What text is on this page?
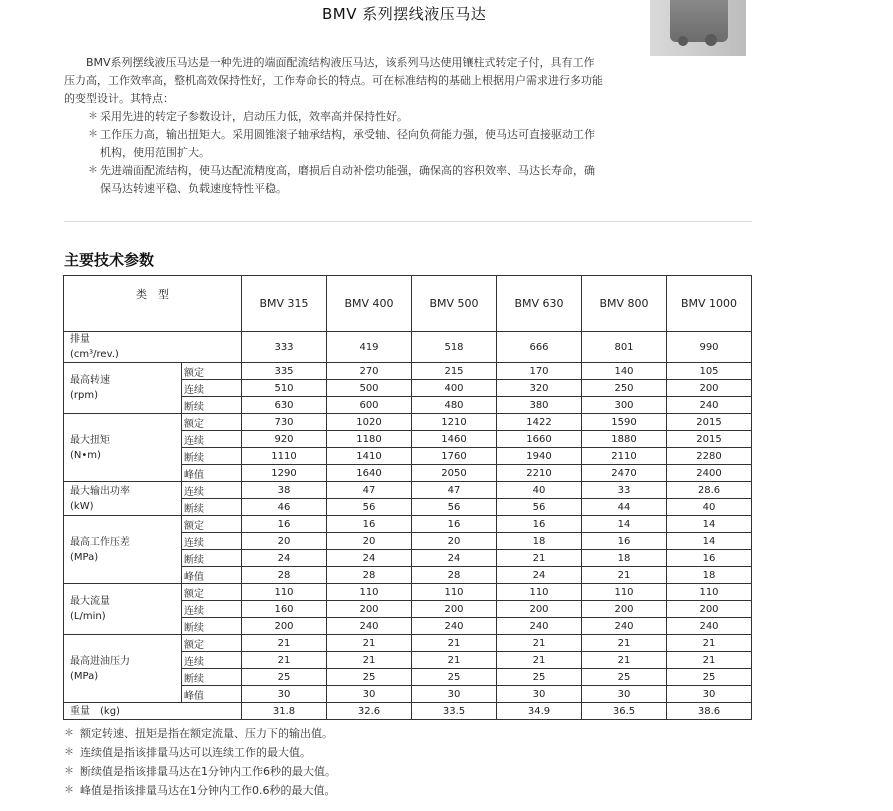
BMV 系列摆线液压马达

BMV系列摆线液压马达是一种先进的端面配流结构液压马达，该系列马达使用镶柱式转定子付，具有工作压力高，工作效率高，整机高效保持性好，工作寿命长的特点。可在标准结构的基础上根据用户需求进行多功能的变型设计。其特点：

＊ 采用先进的转定子参数设计，启动压力低，效率高并保持性好。
＊ 工作压力高，输出扭矩大。采用圆锥滚子轴承结构，承受轴、径向负荷能力强，使马达可直接驱动工作机构，使用范围扩大。
＊ 先进端面配流结构，使马达配流精度高，磨损后自动补偿功能强，确保高的容积效率、马达长寿命，确保马达转速平稳、负载速度特性平稳。
主要技术参数
类　型		BMV 315	BMV 400	BMV 500	BMV 630	BMV 800	BMV 1000

排量
(cm³/rev.)		333	419	518	666	801	990

最高转速
(rpm)	额定	335	270	215	170	140	105
	连续	510	500	400	320	250	200
	断续	630	600	480	380	300	240

最大扭矩
(N•m)	额定	730	1020	1210	1422	1590	2015
	连续	920	1180	1460	1660	1880	2015
	断续	1110	1410	1760	1940	2110	2280
	峰值	1290	1640	2050	2210	2470	2400

最大输出功率
(kW)	连续	38	47	47	40	33	28.6
	断续	46	56	56	56	44	40

最高工作压差
(MPa)	额定	16	16	16	16	14	14
	连续	20	20	20	18	16	14
	断续	24	24	24	21	18	16
	峰值	28	28	28	24	21	18

最大流量
(L/min)	额定	110	110	110	110	110	110
	连续	160	200	200	200	200	200
	断续	200	240	240	240	240	240

最高进油压力
(MPa)	额定	21	21	21	21	21	21
	连续	21	21	21	21	21	21
	断续	25	25	25	25	25	25
	峰值	30	30	30	30	30	30
重量　(kg)		31.8	32.6	33.5	34.9	36.5	38.6
＊ 额定转速、扭矩是指在额定流量、压力下的输出值。
＊ 连续值是指该排量马达可以连续工作的最大值。
＊ 断续值是指该排量马达在1分钟内工作6秒的最大值。
＊ 峰值是指该排量马达在1分钟内工作0.6秒的最大值。
